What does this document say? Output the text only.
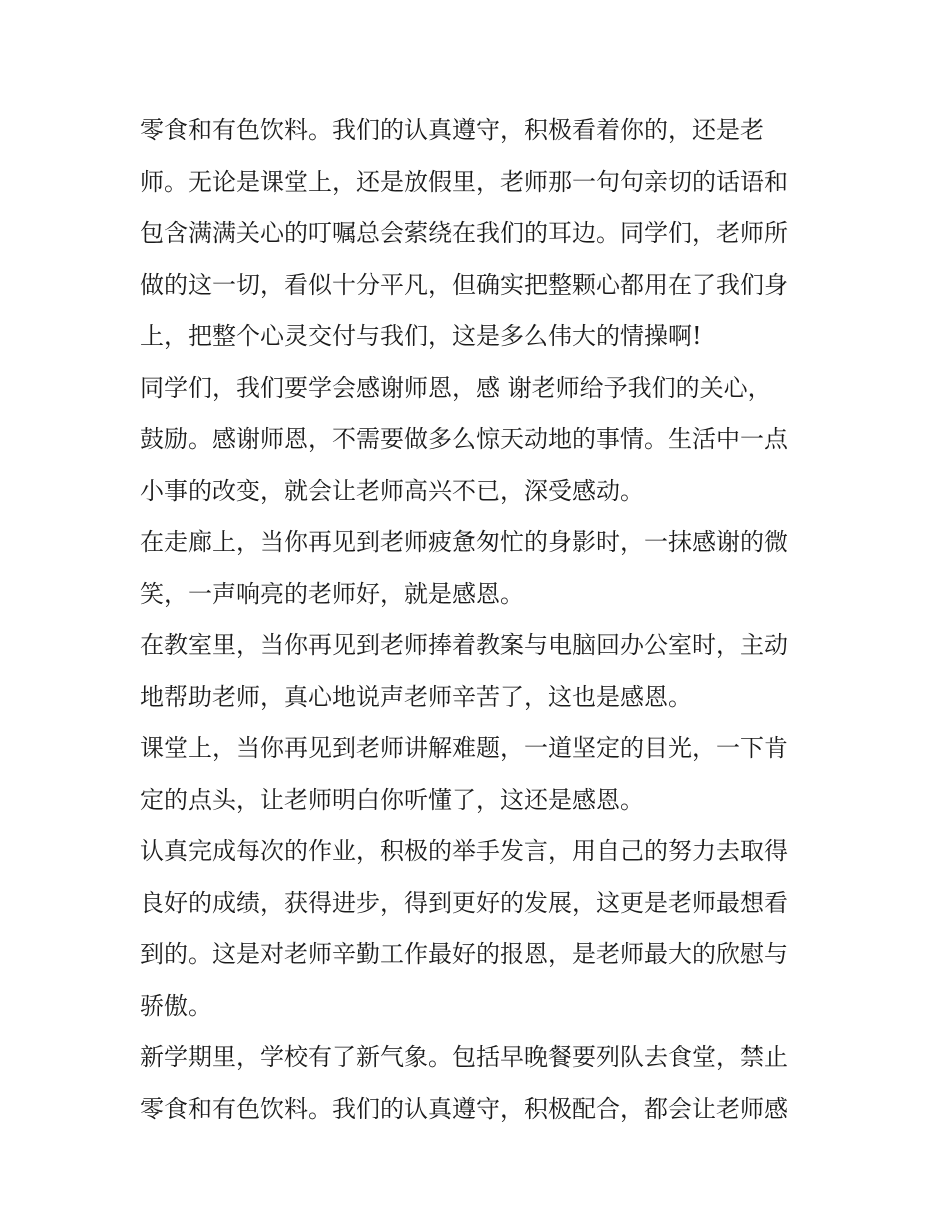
零食和有色饮料。我们的认真遵守，积极看着你的，还是老
师。无论是课堂上，还是放假里，老师那一句句亲切的话语和
包含满满关心的叮嘱总会萦绕在我们的耳边。同学们，老师所
做的这一切，看似十分平凡，但确实把整颗心都用在了我们身
上，把整个心灵交付与我们，这是多么伟大的情操啊!
同学们，我们要学会感谢师恩，感 谢老师给予我们的关心，
鼓励。感谢师恩，不需要做多么惊天动地的事情。生活中一点
小事的改变，就会让老师高兴不已，深受感动。
在走廊上，当你再见到老师疲惫匆忙的身影时，一抹感谢的微
笑，一声响亮的老师好，就是感恩。
在教室里，当你再见到老师捧着教案与电脑回办公室时，主动
地帮助老师，真心地说声老师辛苦了，这也是感恩。
课堂上，当你再见到老师讲解难题，一道坚定的目光，一下肯
定的点头，让老师明白你听懂了，这还是感恩。
认真完成每次的作业，积极的举手发言，用自己的努力去取得
良好的成绩，获得进步，得到更好的发展，这更是老师最想看
到的。这是对老师辛勤工作最好的报恩，是老师最大的欣慰与
骄傲。
新学期里，学校有了新气象。包括早晚餐要列队去食堂，禁止
零食和有色饮料。我们的认真遵守，积极配合，都会让老师感
